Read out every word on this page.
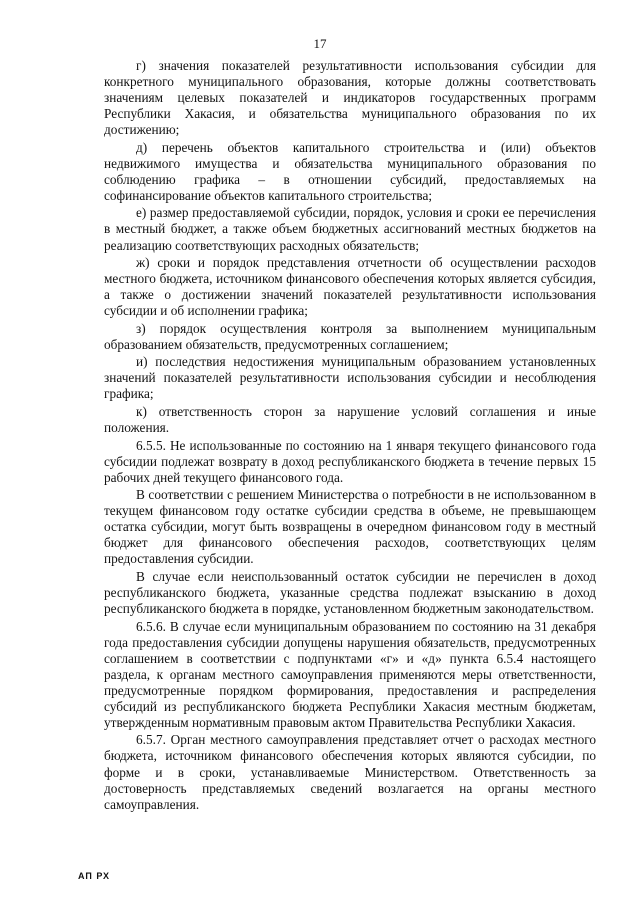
17

г) значения показателей результативности использования субсидии для конкретного муниципального образования, которые должны соответствовать значениям целевых показателей и индикаторов государственных программ Республики Хакасия, и обязательства муниципального образования по их достижению;

д) перечень объектов капитального строительства и (или) объектов недвижимого имущества и обязательства муниципального образования по соблюдению графика – в отношении субсидий, предоставляемых на софинансирование объектов капитального строительства;

е) размер предоставляемой субсидии, порядок, условия и сроки ее перечисления в местный бюджет, а также объем бюджетных ассигнований местных бюджетов на реализацию соответствующих расходных обязательств;

ж) сроки и порядок представления отчетности об осуществлении расходов местного бюджета, источником финансового обеспечения которых является субсидия, а также о достижении значений показателей результативности использования субсидии и об исполнении графика;

з) порядок осуществления контроля за выполнением муниципальным образованием обязательств, предусмотренных соглашением;

и) последствия недостижения муниципальным образованием установленных значений показателей результативности использования субсидии и несоблюдения графика;

к) ответственность сторон за нарушение условий соглашения и иные положения.

6.5.5. Не использованные по состоянию на 1 января текущего финансового года субсидии подлежат возврату в доход республиканского бюджета в течение первых 15 рабочих дней текущего финансового года.

В соответствии с решением Министерства о потребности в не использованном в текущем финансовом году остатке субсидии средства в объеме, не превышающем остатка субсидии, могут быть возвращены в очередном финансовом году в местный бюджет для финансового обеспечения расходов, соответствующих целям предоставления субсидии.

В случае если неиспользованный остаток субсидии не перечислен в доход республиканского бюджета, указанные средства подлежат взысканию в доход республиканского бюджета в порядке, установленном бюджетным законодательством.

6.5.6. В случае если муниципальным образованием по состоянию на 31 декабря года предоставления субсидии допущены нарушения обязательств, предусмотренных соглашением в соответствии с подпунктами «г» и «д» пункта 6.5.4 настоящего раздела, к органам местного самоуправления применяются меры ответственности, предусмотренные порядком формирования, предоставления и распределения субсидий из республиканского бюджета Республики Хакасия местным бюджетам, утвержденным нормативным правовым актом Правительства Республики Хакасия.

6.5.7. Орган местного самоуправления представляет отчет о расходах местного бюджета, источником финансового обеспечения которых являются субсидии, по форме и в сроки, устанавливаемые Министерством. Ответственность за достоверность представляемых сведений возлагается на органы местного самоуправления.

АП РХ
